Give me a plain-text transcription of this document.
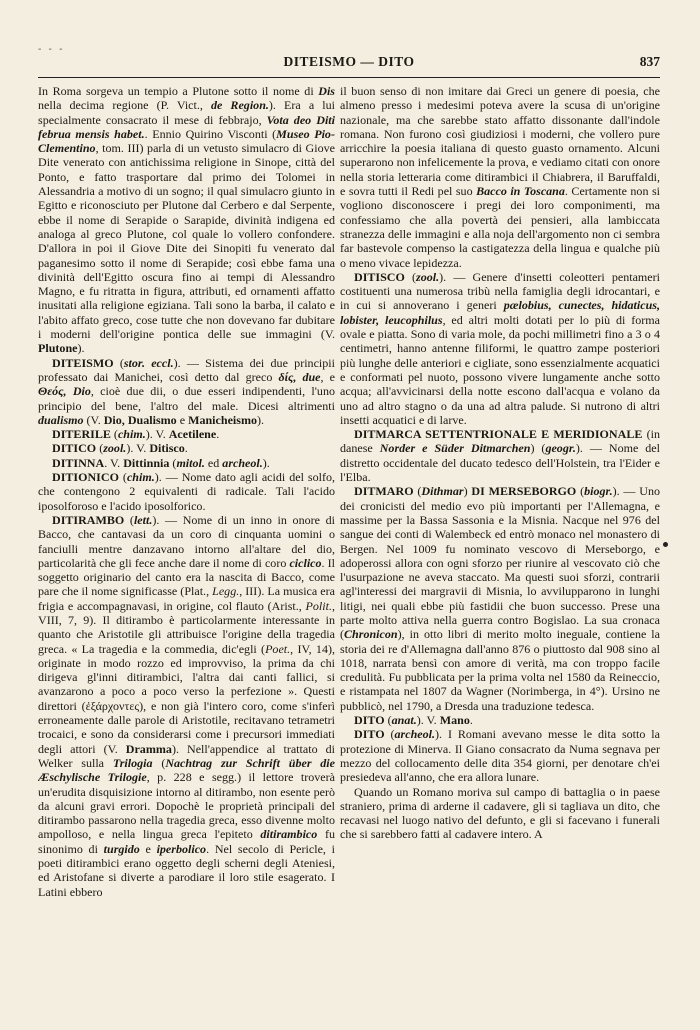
- - -
DITEISMO — DITO	837

In Roma sorgeva un tempio a Plutone sotto il nome di Dis nella decima regione (P. Vict., de Region.). Era a lui specialmente consacrato il mese di febbrajo, Vota deo Diti februa mensis habet.. Ennio Quirino Visconti (Museo Pio-Clementino, tom. III) parla di un vetusto simulacro di Giove Dite venerato con antichissima religione in Sinope, città del Ponto, e fatto trasportare dal primo dei Tolomei in Alessandria a motivo di un sogno; il qual simulacro giunto in Egitto e riconosciuto per Plutone dal Cerbero e dal Serpente, ebbe il nome di Serapide o Sarapide, divinità indigena ed analoga al greco Plutone, col quale lo vollero confondere. D'allora in poi il Giove Dite dei Sinopiti fu venerato dal paganesimo sotto il nome di Serapide; così ebbe fama una divinità dell'Egitto oscura fino ai tempi di Alessandro Magno, e fu ritratta in figura, attributi, ed ornamenti affatto inusitati alla religione egiziana. Tali sono la barba, il calato e l'abito affato greco, cose tutte che non dovevano far dubitare i moderni dell'origine pontica delle sue immagini (V. Plutone).

DITEISMO (stor. eccl.). — Sistema dei due principii professato dai Manichei, così detto dal greco δίς, due, e Θεός, Dio, cioè due dii, o due esseri indipendenti, l'uno principio del bene, l'altro del male. Dicesi altrimenti dualismo (V. Dio, Dualismo e Manicheismo).

DITERILE (chim.). V. Acetilene.

DITICO (zool.). V. Ditisco.

DITINNA. V. Dittinnia (mitol. ed archeol.).

DITIONICO (chim.). — Nome dato agli acidi del solfo, che contengono 2 equivalenti di radicale. Tali l'acido iposolforoso e l'acido iposolforico.

DITIRAMBO (lett.). — Nome di un inno in onore di Bacco, che cantavasi da un coro di cinquanta uomini o fanciulli mentre danzavano intorno all'altare del dio, particolarità che gli fece anche dare il nome di coro ciclico. Il soggetto originario del canto era la nascita di Bacco, come pare che il nome significasse (Plat., Legg., III). La musica era frigia e accompagnavasi, in origine, col flauto (Arist., Polit., VIII, 7, 9). Il ditirambo è particolarmente interessante in quanto che Aristotile gli attribuisce l'origine della tragedia greca. « La tragedia e la commedia, dic'egli (Poet., IV, 14), originate in modo rozzo ed improvviso, la prima da chi dirigeva gl'inni ditirambici, l'altra dai canti fallici, si avanzarono a poco a poco verso la perfezione ». Questi direttori (ἐξάρχοντες), e non già l'intero coro, come s'inferì erroneamente dalle parole di Aristotile, recitavano tetrametri trocaici, e sono da considerarsi come i precursori immediati degli attori (V. Dramma). Nell'appendice al trattato di Welker sulla Trilogia (Nachtrag zur Schrift über die Æschylische Trilogie, p. 228 e segg.) il lettore troverà un'erudita disquisizione intorno al ditirambo, non esente però da alcuni gravi errori. Dopochè le proprietà principali del ditirambo passarono nella tragedia greca, esso divenne molto ampolloso, e nella lingua greca l'epiteto ditirambico fu sinonimo di turgido e iperbolico. Nel secolo di Pericle, i poeti ditirambici erano oggetto degli scherni degli Ateniesi, ed Aristofane si diverte a parodiare il loro stile esagerato. I Latini ebbero

il buon senso di non imitare dai Greci un genere di poesia, che almeno presso i medesimi poteva avere la scusa di un'origine nazionale, ma che sarebbe stato affatto dissonante dall'indole romana. Non furono così giudiziosi i moderni, che vollero pure arricchire la poesia italiana di questo guasto ornamento. Alcuni superarono non infelicemente la prova, e vediamo citati con onore nella storia letteraria come ditirambici il Chiabrera, il Baruffaldi, e sovra tutti il Redi pel suo Bacco in Toscana. Certamente non si vogliono disconoscere i pregi dei loro componimenti, ma confessiamo che alla povertà dei pensieri, alla lambiccata stranezza delle immagini e alla noja dell'argomento non ci sembra far bastevole compenso la castigatezza della lingua e qualche più o meno vivace lepidezza.

DITISCO (zool.). — Genere d'insetti coleotteri pentameri costituenti una numerosa tribù nella famiglia degli idrocantari, e in cui si annoverano i generi pælobius, cunectes, hidaticus, lobister, leucophilus, ed altri molti dotati per lo più di forma ovale e piatta. Sono di varia mole, da pochi millimetri fino a 3 o 4 centimetri, hanno antenne filiformi, le quattro zampe posteriori più lunghe delle anteriori e cigliate, sono essenzialmente acquatici e conformati pel nuoto, possono vivere lungamente anche sotto acqua; all'avvicinarsi della notte escono dall'acqua e volano da uno ad altro stagno o da una ad altra palude. Si nutrono di altri insetti acquatici e di larve.

DITMARCA SETTENTRIONALE E MERIDIONALE (in danese Norder e Süder Ditmarchen) (geogr.). — Nome del distretto occidentale del ducato tedesco dell'Holstein, tra l'Eider e l'Elba.

DITMARO (Dithmar) DI MERSEBORGO (biogr.). — Uno dei cronicisti del medio evo più importanti per l'Allemagna, e massime per la Bassa Sassonia e la Misnia. Nacque nel 976 del sangue dei conti di Walembeck ed entrò monaco nel monastero di Bergen. Nel 1009 fu nominato vescovo di Merseborgo, e adoperossi allora con ogni sforzo per riunire al vescovato ciò che l'usurpazione ne aveva staccato. Ma questi suoi sforzi, contrarii agl'interessi dei margravii di Misnia, lo avvilupparono in lunghi litigi, nei quali ebbe più fastidii che buon successo. Prese una parte molto attiva nella guerra contro Bogislao. La sua cronaca (Chronicon), in otto libri di merito molto ineguale, contiene la storia dei re d'Allemagna dall'anno 876 o piuttosto dal 908 sino al 1018, narrata bensì con amore di verità, ma con troppo facile credulità. Fu pubblicata per la prima volta nel 1580 da Reineccio, e ristampata nel 1807 da Wagner (Norimberga, in 4°). Ursino ne pubblicò, nel 1790, a Dresda una traduzione tedesca.

DITO (anat.). V. Mano.

DITO (archeol.). I Romani avevano messe le dita sotto la protezione di Minerva. Il Giano consacrato da Numa segnava per mezzo del collocamento delle dita 354 giorni, per denotare ch'ei presiedeva all'anno, che era allora lunare.

Quando un Romano moriva sul campo di battaglia o in paese straniero, prima di arderne il cadavere, gli si tagliava un dito, che recavasi nel luogo nativo del defunto, e gli si facevano i funerali che si sarebbero fatti al cadavere intero. A
